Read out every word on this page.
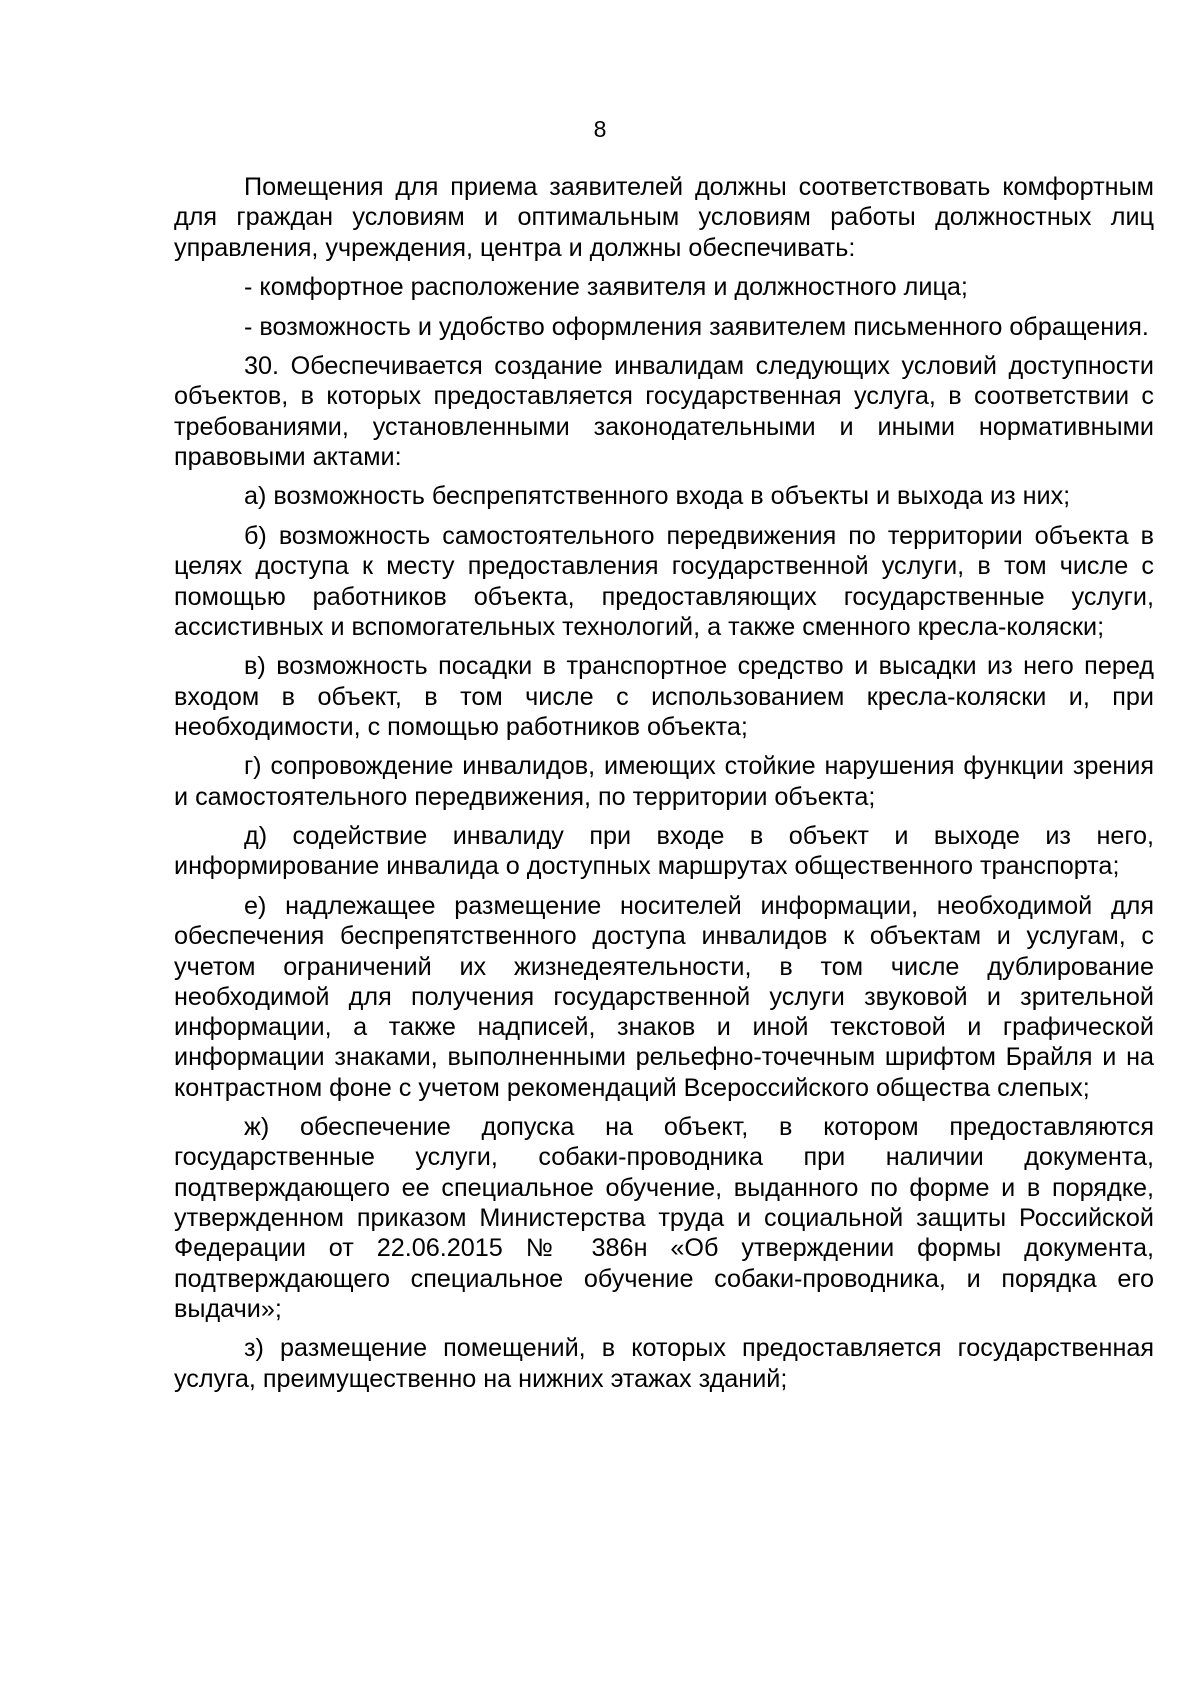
8

Помещения для приема заявителей должны соответствовать комфортным для граждан условиям и оптимальным условиям работы должностных лиц управления, учреждения, центра и должны обеспечивать:

- комфортное расположение заявителя и должностного лица;

- возможность и удобство оформления заявителем письменного обращения.

30. Обеспечивается создание инвалидам следующих условий доступности объектов, в которых предоставляется государственная услуга, в соответствии с требованиями, установленными законодательными и иными нормативными правовыми актами:

а) возможность беспрепятственного входа в объекты и выхода из них;

б) возможность самостоятельного передвижения по территории объекта в целях доступа к месту предоставления государственной услуги, в том числе с помощью работников объекта, предоставляющих государственные услуги, ассистивных и вспомогательных технологий, а также сменного кресла-коляски;

в) возможность посадки в транспортное средство и высадки из него перед входом в объект, в том числе с использованием кресла-коляски и, при необходимости, с помощью работников объекта;

г) сопровождение инвалидов, имеющих стойкие нарушения функции зрения и самостоятельного передвижения, по территории объекта;

д) содействие инвалиду при входе в объект и выходе из него, информирование инвалида о доступных маршрутах общественного транспорта;

е) надлежащее размещение носителей информации, необходимой для обеспечения беспрепятственного доступа инвалидов к объектам и услугам, с учетом ограничений их жизнедеятельности, в том числе дублирование необходимой для получения государственной услуги звуковой и зрительной информации, а также надписей, знаков и иной текстовой и графической информации знаками, выполненными рельефно-точечным шрифтом Брайля и на контрастном фоне с учетом рекомендаций Всероссийского общества слепых;

ж) обеспечение допуска на объект, в котором предоставляются государственные услуги, собаки-проводника при наличии документа, подтверждающего ее специальное обучение, выданного по форме и в порядке, утвержденном приказом Министерства труда и социальной защиты Российской Федерации от 22.06.2015 № 386н «Об утверждении формы документа, подтверждающего специальное обучение собаки-проводника, и порядка его выдачи»;

з) размещение помещений, в которых предоставляется государственная услуга, преимущественно на нижних этажах зданий;
